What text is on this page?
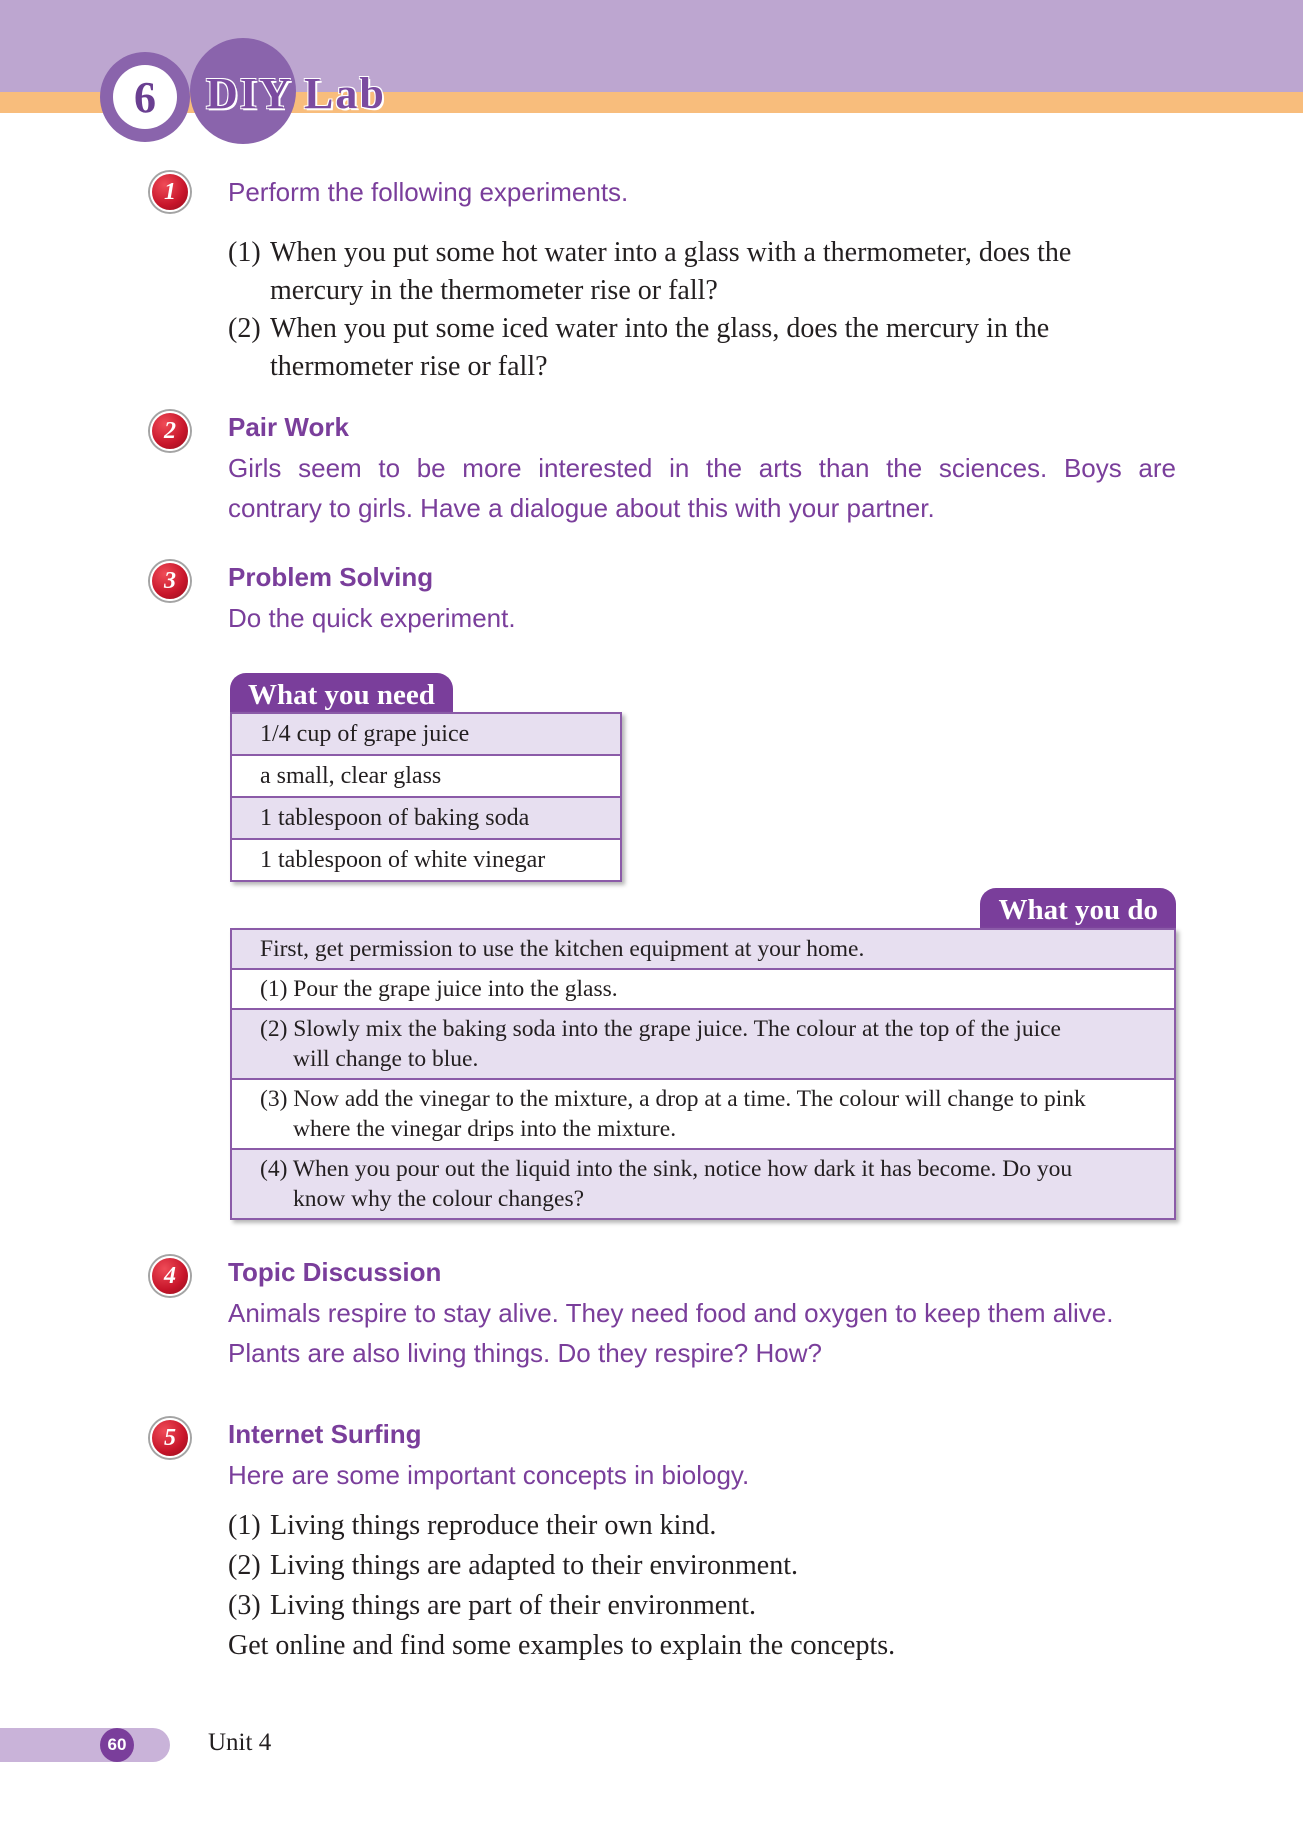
6	DIY Lab
1	Perform the following experiments.
(1) When you put some hot water into a glass with a thermometer, does the
mercury in the thermometer rise or fall?
(2) When you put some iced water into the glass, does the mercury in the
thermometer rise or fall?
2	Pair Work
Girls seem to be more interested in the arts than the sciences. Boys are
contrary to girls. Have a dialogue about this with your partner.
3	Problem Solving
Do the quick experiment.
What you need
1/4 cup of grape juice
a small, clear glass
1 tablespoon of baking soda
1 tablespoon of white vinegar
What you do
First, get permission to use the kitchen equipment at your home.
(1) Pour the grape juice into the glass.
(2) Slowly mix the baking soda into the grape juice. The colour at the top of the juice
will change to blue.
(3) Now add the vinegar to the mixture, a drop at a time. The colour will change to pink
where the vinegar drips into the mixture.
(4) When you pour out the liquid into the sink, notice how dark it has become. Do you
know why the colour changes?
4	Topic Discussion
Animals respire to stay alive. They need food and oxygen to keep them alive.
Plants are also living things. Do they respire? How?
5	Internet Surfing
Here are some important concepts in biology.
(1) Living things reproduce their own kind.
(2) Living things are adapted to their environment.
(3) Living things are part of their environment.
Get online and find some examples to explain the concepts.
60	Unit 4
